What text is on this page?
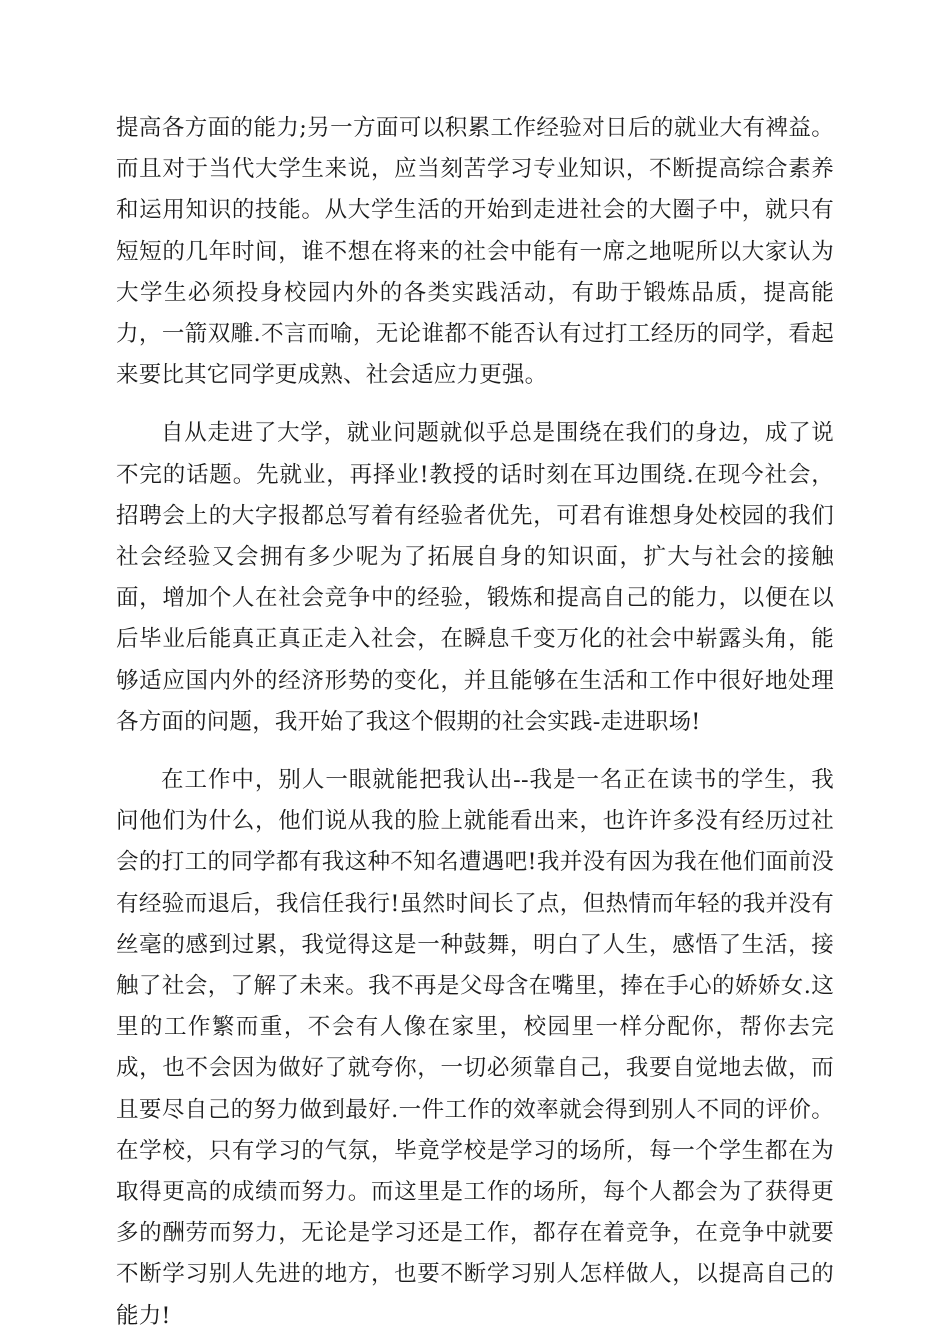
提高各方面的能力;另一方面可以积累工作经验对日后的就业大有裨益。而且对于当代大学生来说，应当刻苦学习专业知识，不断提高综合素养和运用知识的技能。从大学生活的开始到走进社会的大圈子中，就只有短短的几年时间，谁不想在将来的社会中能有一席之地呢所以大家认为大学生必须投身校园内外的各类实践活动，有助于锻炼品质，提高能力，一箭双雕.不言而喻，无论谁都不能否认有过打工经历的同学，看起来要比其它同学更成熟、社会适应力更强。

自从走进了大学，就业问题就似乎总是围绕在我们的身边，成了说不完的话题。先就业，再择业!教授的话时刻在耳边围绕.在现今社会，招聘会上的大字报都总写着有经验者优先，可君有谁想身处校园的我们社会经验又会拥有多少呢为了拓展自身的知识面，扩大与社会的接触面，增加个人在社会竞争中的经验，锻炼和提高自己的能力，以便在以后毕业后能真正真正走入社会，在瞬息千变万化的社会中崭露头角，能够适应国内外的经济形势的变化，并且能够在生活和工作中很好地处理各方面的问题，我开始了我这个假期的社会实践-走进职场!

在工作中，别人一眼就能把我认出--我是一名正在读书的学生，我问他们为什么，他们说从我的脸上就能看出来，也许许多没有经历过社会的打工的同学都有我这种不知名遭遇吧!我并没有因为我在他们面前没有经验而退后，我信任我行!虽然时间长了点，但热情而年轻的我并没有丝毫的感到过累，我觉得这是一种鼓舞，明白了人生，感悟了生活，接触了社会，了解了未来。我不再是父母含在嘴里，捧在手心的娇娇女.这里的工作繁而重，不会有人像在家里，校园里一样分配你，帮你去完成，也不会因为做好了就夸你，一切必须靠自己，我要自觉地去做，而且要尽自己的努力做到最好.一件工作的效率就会得到别人不同的评价。在学校，只有学习的气氛，毕竟学校是学习的场所，每一个学生都在为取得更高的成绩而努力。而这里是工作的场所，每个人都会为了获得更多的酬劳而努力，无论是学习还是工作，都存在着竞争，在竞争中就要不断学习别人先进的地方，也要不断学习别人怎样做人，以提高自己的能力!
